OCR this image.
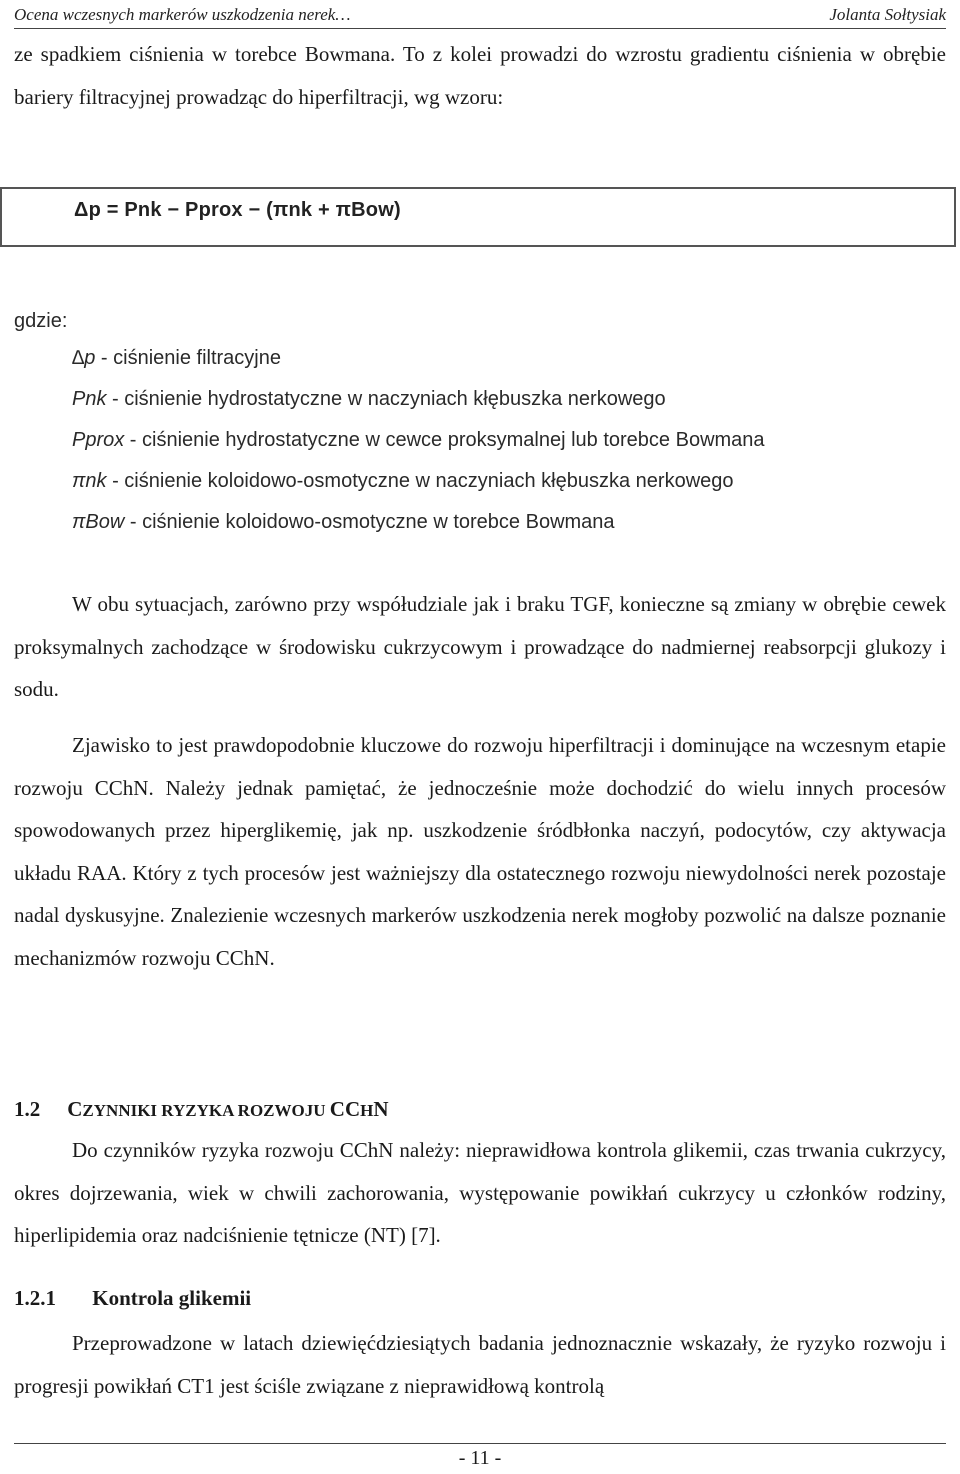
Ocena wczesnych markerów uszkodzenia nerek…	Jolanta Sołtysiak
ze spadkiem ciśnienia w torebce Bowmana. To z kolei prowadzi do wzrostu gradientu ciśnienia w obrębie bariery filtracyjnej prowadząc do hiperfiltracji, wg wzoru:
Δp = Pnk − Pprox − (πnk + πBow)
gdzie:
∆p - ciśnienie filtracyjne
Pnk - ciśnienie hydrostatyczne w naczyniach kłębuszka nerkowego
Pprox - ciśnienie hydrostatyczne w cewce proksymalnej lub torebce Bowmana
πnk - ciśnienie koloidowo-osmotyczne w naczyniach kłębuszka nerkowego
πBow - ciśnienie koloidowo-osmotyczne w torebce Bowmana
W obu sytuacjach, zarówno przy współudziale jak i braku TGF, konieczne są zmiany w obrębie cewek proksymalnych zachodzące w środowisku cukrzycowym i prowadzące do nadmiernej reabsorpcji glukozy i sodu.
Zjawisko to jest prawdopodobnie kluczowe do rozwoju hiperfiltracji i dominujące na wczesnym etapie rozwoju CChN. Należy jednak pamiętać, że jednocześnie może dochodzić do wielu innych procesów spowodowanych przez hiperglikemię, jak np. uszkodzenie śródbłonka naczyń, podocytów, czy aktywacja układu RAA. Który z tych procesów jest ważniejszy dla ostatecznego rozwoju niewydolności nerek pozostaje nadal dyskusyjne. Znalezienie wczesnych markerów uszkodzenia nerek mogłoby pozwolić na dalsze poznanie mechanizmów rozwoju CChN.
1.2 CZYNNIKI RYZYKA ROZWOJU CCHN
Do czynników ryzyka rozwoju CChN należy: nieprawidłowa kontrola glikemii, czas trwania cukrzycy, okres dojrzewania, wiek w chwili zachorowania, występowanie powikłań cukrzycy u członków rodziny, hiperlipidemia oraz nadciśnienie tętnicze (NT) [7].
1.2.1 Kontrola glikemii
Przeprowadzone w latach dziewięćdziesiątych badania jednoznacznie wskazały, że ryzyko rozwoju i progresji powikłań CT1 jest ściśle związane z nieprawidłową kontrolą
- 11 -
